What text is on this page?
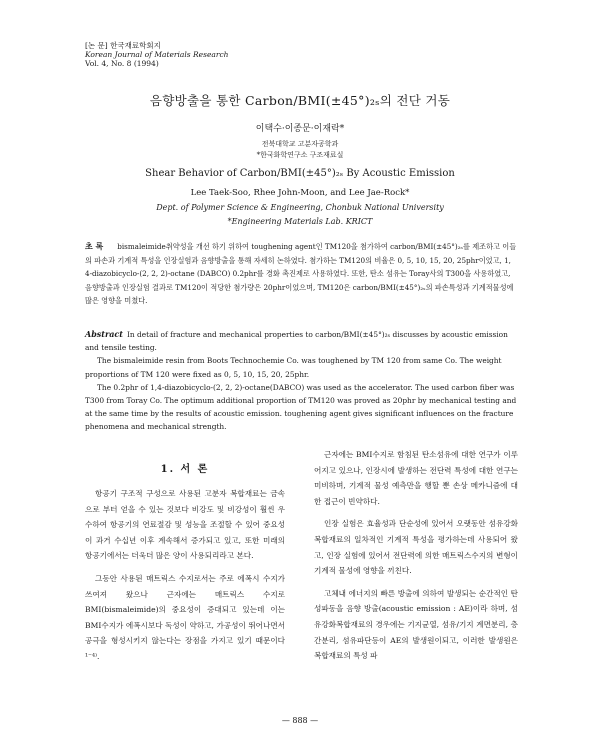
[논 문] 한국재료학회지
Korean Journal of Materials Research
Vol. 4, No. 8 (1994)
음향방출을 통한 Carbon/BMI(±45°)₂ₛ의 전단 거동
이택수·이종문·이재락*
전북대학교 고분자공학과
*한국화학연구소 구조재료실
Shear Behavior of Carbon/BMI(±45°)₂ₛ By Acoustic Emission
Lee Taek-Soo, Rhee John-Moon, and Lee Jae-Rock*
Dept. of Polymer Science & Engineering, Chonbuk National University
*Engineering Materials Lab. KRICT
초 록 bismaleimide취약성을 개선 하기 위하여 toughening agent인 TM120을 첨가하여 carbon/BMI(±45°)₂ₛ를 제조하고 이들의 파손과 기계적 특성을 인장실험과 음향방출을 통해 자세히 논하였다. 첨가하는 TM120의 비율은 0, 5, 10, 15, 20, 25phr이었고, 1, 4-diazobicyclo-(2, 2, 2)-octane (DABCO) 0.2phr를 경화 촉진제로 사용하였다. 또한, 탄소 섬유는 Toray사의 T300을 사용하였고, 음향방출과 인장실험 결과로 TM120이 적당한 첨가량은 20phr이었으며, TM120은 carbon/BMI(±45°)₂ₛ의 파손특성과 기계적물성에 많은 영향을 미쳤다.

Abstract In detail of fracture and mechanical properties to carbon/BMI(±45°)₂ₛ discusses by acoustic emission and tensile testing.

The bismaleimide resin from Boots Technochemie Co. was toughened by TM 120 from same Co. The weight proportions of TM 120 were fixed as 0, 5, 10, 15, 20, 25phr.

The 0.2phr of 1,4-diazobicyclo-(2, 2, 2)-octane(DABCO) was used as the accelerator. The used carbon fiber was T300 from Toray Co. The optimum additional proportion of TM120 was proved as 20phr by mechanical testing and at the same time by the results of acoustic emission. toughening agent gives significant influences on the fracture phenomena and mechanical strength.

1. 서 론

항공기 구조적 구성으로 사용된 고분자 복합재료는 금속으로 부터 얻을 수 있는 것보다 비강도 및 비강성이 훨씬 우수하여 항공기의 연료절감 및 성능을 조절할 수 있어 중요성이 과거 수십년 이후 계속해서 증가되고 있고, 또한 미래의 항공기에서는 더욱더 많은 양이 사용되리라고 본다.

그동안 사용된 매트릭스 수지로서는 주로 에폭시 수지가 쓰여져 왔으나 근자에는 매트릭스 수지로 BMI(bismaleimide)의 중요성이 증대되고 있는데 이는 BMI수지가 에폭시보다 독성이 약하고, 가공성이 뛰어나면서 공극을 형성시키지 않는다는 장점을 가지고 있기 때문이다¹⁻⁴⁾.

근자에는 BMI수지로 함침된 탄소섬유에 대한 연구가 이루어지고 있으나, 인장시에 발생하는 전단력 특성에 대한 연구는 미비하며, 기계적 물성 예측만을 행할 뿐 손상 메카니즘에 대한 접근이 빈약하다.

인장 실험은 효율성과 단순성에 있어서 오랫동안 섬유강화 복합재료의 일차적인 기계적 특성을 평가하는데 사용되어 왔고, 인장 실험에 있어서 전단력에 의한 매트릭스수지의 변형이 기계적 물성에 영향을 끼친다.

고체내 에너지의 빠른 방출에 의하여 발생되는 순간적인 탄성파동을 음향 방출(acoustic emission : AE)이라 하며, 섬유강화복합재료의 경우에는 기지균열, 섬유/기지 계면분리, 층간분리, 섬유파단등이 AE의 발생원이되고, 이러한 발생원은 복합재료의 특성 파

— 888 —
